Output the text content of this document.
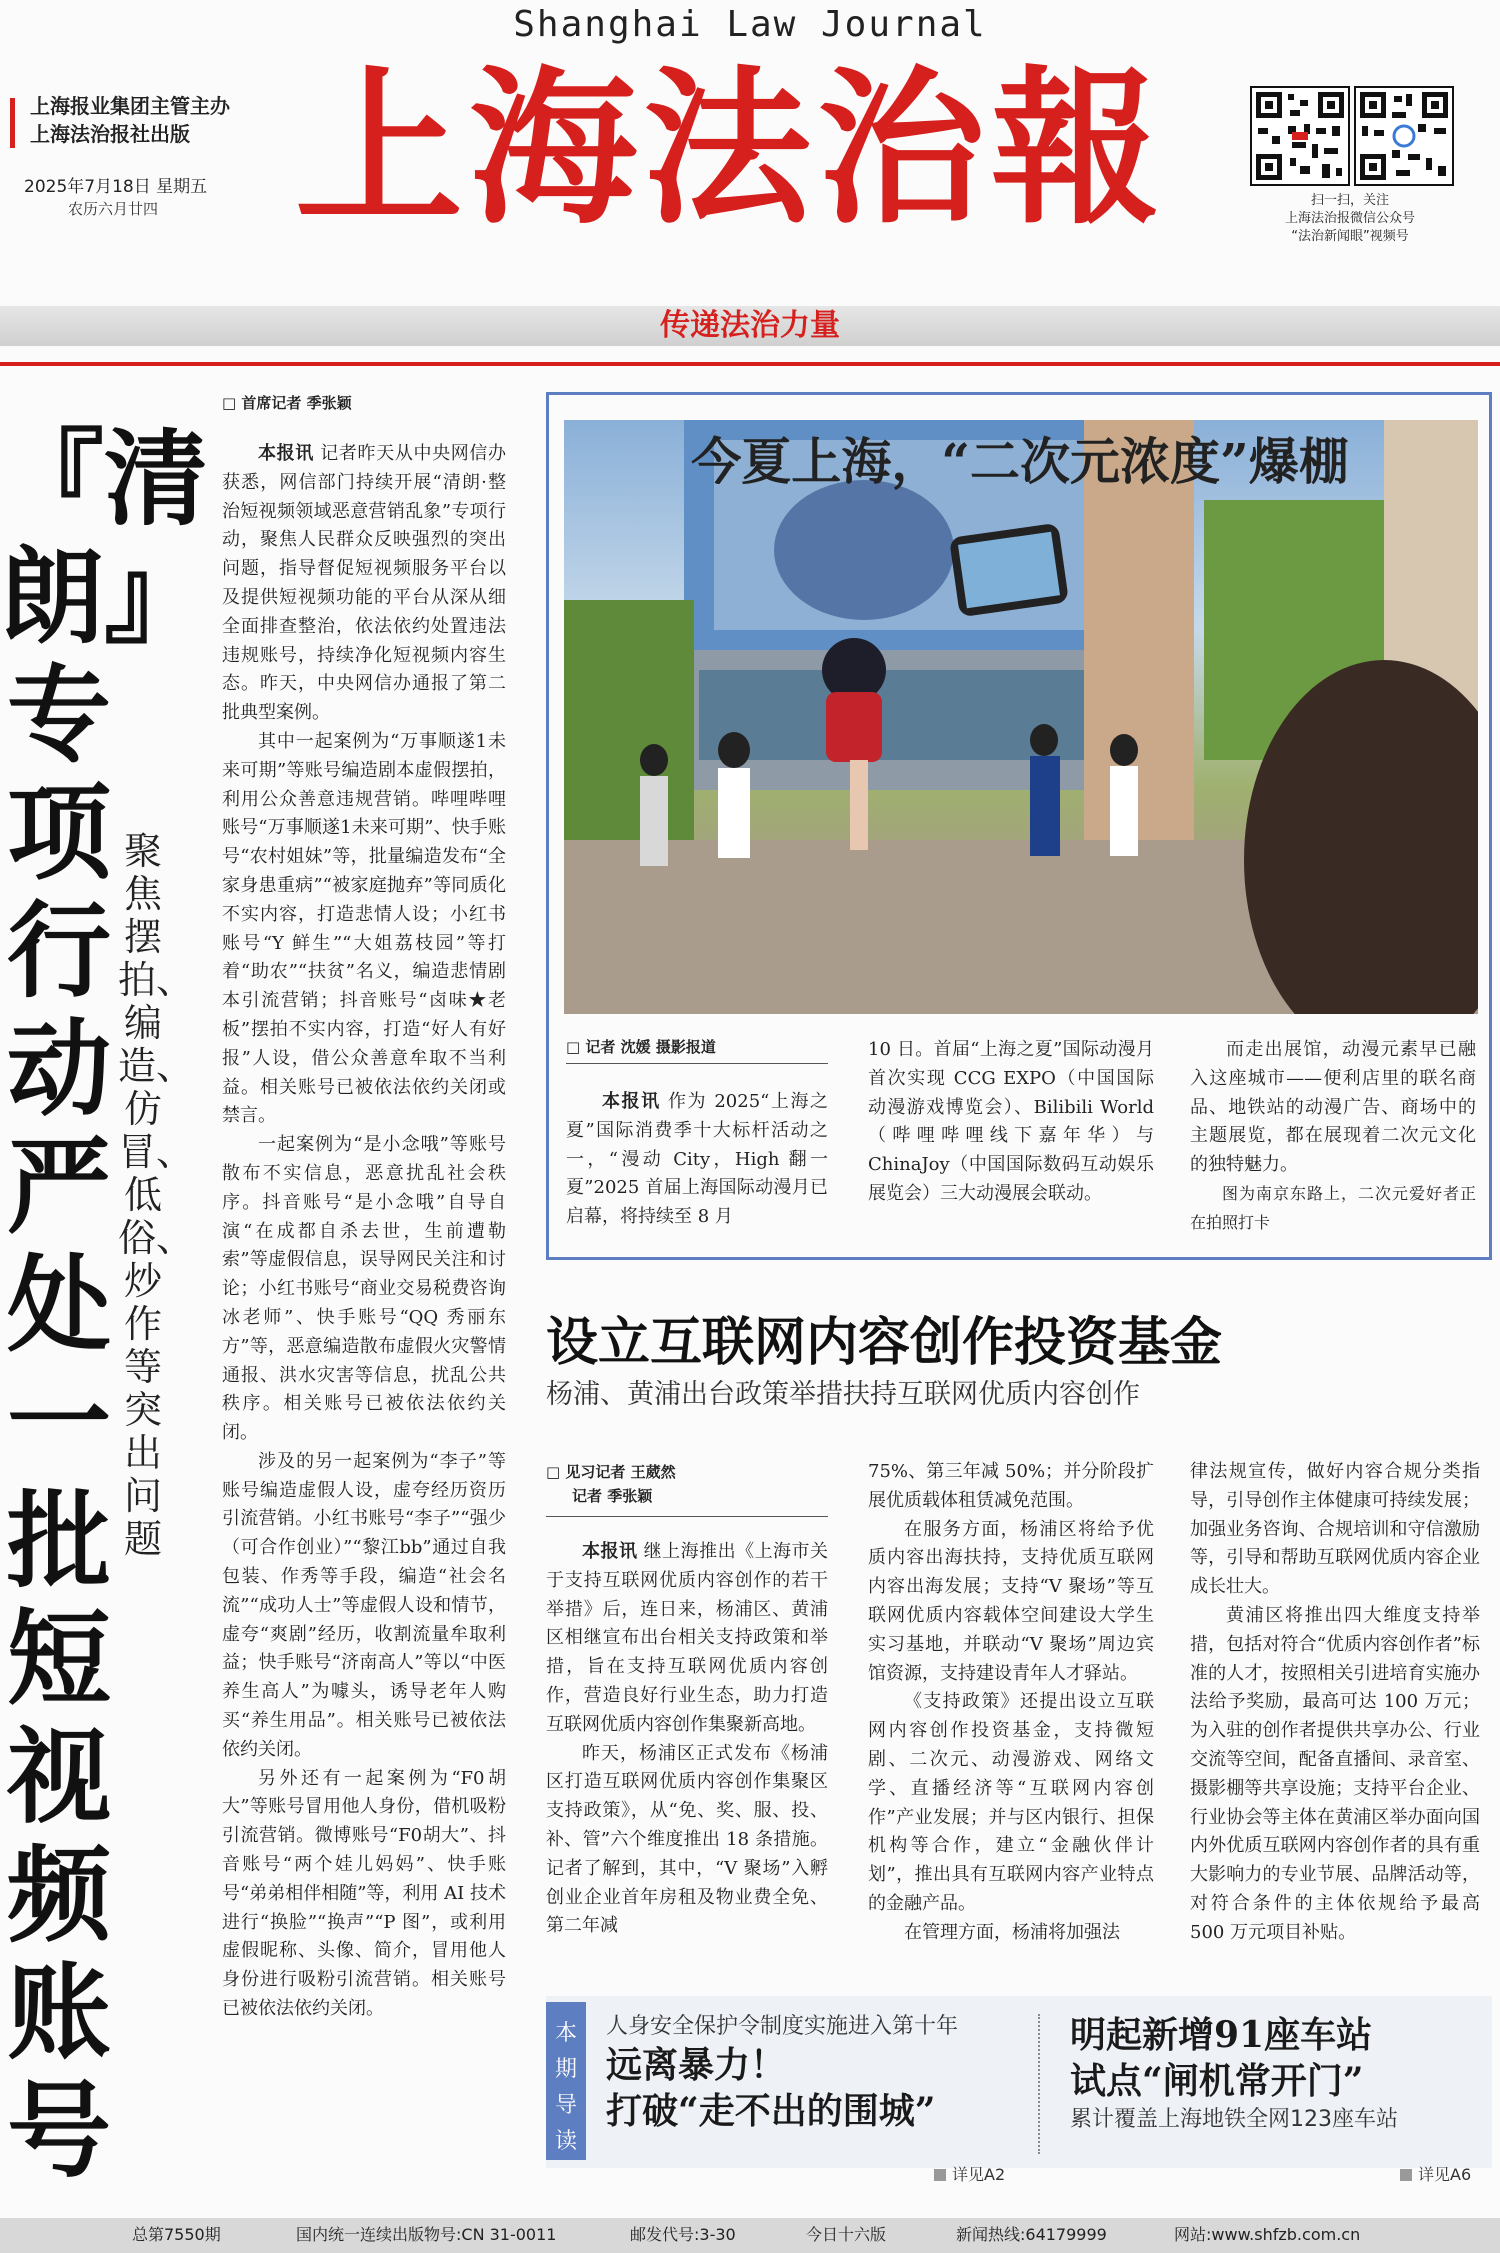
Shanghai Law Journal
上海报业集团主管主办
上海法治报社出版
2025年7月18日 星期五
农历六月廿四 上海法治報	扫一扫，关注
上海法治报微信公众号
“法治新闻眼”视频号
传递法治力量
『清朗』专项行动严处一批短视频账号
聚焦摆拍、编造、仿冒、低俗、炒作等突出问题
□ 首席记者 季张颖

本报讯 记者昨天从中央网信办获悉，网信部门持续开展“清朗·整治短视频领域恶意营销乱象”专项行动，聚焦人民群众反映强烈的突出问题，指导督促短视频服务平台以及提供短视频功能的平台从深从细全面排查整治，依法依约处置违法违规账号，持续净化短视频内容生态。昨天，中央网信办通报了第二批典型案例。

其中一起案例为“万事顺遂1未来可期”等账号编造剧本虚假摆拍，利用公众善意违规营销。哔哩哔哩账号“万事顺遂1未来可期”、快手账号“农村姐妹”等，批量编造发布“全家身患重病”“被家庭抛弃”等同质化不实内容，打造悲情人设；小红书账号“Y 鲜生”“大姐荔枝园”等打着“助农”“扶贫”名义，编造悲情剧本引流营销；抖音账号“卤味★老板”摆拍不实内容，打造“好人有好报”人设，借公众善意牟取不当利益。相关账号已被依法依约关闭或禁言。

一起案例为“是小念哦”等账号散布不实信息，恶意扰乱社会秩序。抖音账号“是小念哦”自导自演“在成都自杀去世，生前遭勒索”等虚假信息，误导网民关注和讨论；小红书账号“商业交易税费咨询冰老师”、快手账号“QQ 秀丽东方”等，恶意编造散布虚假火灾警情通报、洪水灾害等信息，扰乱公共秩序。相关账号已被依法依约关闭。

涉及的另一起案例为“李子”等账号编造虚假人设，虚夸经历资历引流营销。小红书账号“李子”“强少（可合作创业）”“黎江bb”通过自我包装、作秀等手段，编造“社会名流”“成功人士”等虚假人设和情节，虚夸“爽剧”经历，收割流量牟取利益；快手账号“济南高人”等以“中医养生高人”为噱头，诱导老年人购买“养生用品”。相关账号已被依法依约关闭。

另外还有一起案例为“F0胡大”等账号冒用他人身份，借机吸粉引流营销。微博账号“F0胡大”、抖音账号“两个娃儿妈妈”、快手账号“弟弟相伴相随”等，利用 AI 技术进行“换脸”“换声”“P 图”，或利用虚假昵称、头像、简介，冒用他人身份进行吸粉引流营销。相关账号已被依法依约关闭。

今夏上海，“二次元浓度”爆棚
□ 记者 沈媛 摄影报道

本报讯 作为 2025“上海之夏”国际消费季十大标杆活动之一，“漫动 City，High 翻一夏”2025 首届上海国际动漫月已启幕，将持续至 8 月

10 日。首届“上海之夏”国际动漫月首次实现 CCG EXPO（中国国际动漫游戏博览会）、Bilibili World（哔哩哔哩线下嘉年华）与 ChinaJoy（中国国际数码互动娱乐展览会）三大动漫展会联动。

而走出展馆，动漫元素早已融入这座城市——便利店里的联名商品、地铁站的动漫广告、商场中的主题展览，都在展现着二次元文化的独特魅力。

图为南京东路上，二次元爱好者正在拍照打卡

设立互联网内容创作投资基金
杨浦、黄浦出台政策举措扶持互联网优质内容创作
□ 见习记者 王葳然
记者 季张颖

本报讯 继上海推出《上海市关于支持互联网优质内容创作的若干举措》后，连日来，杨浦区、黄浦区相继宣布出台相关支持政策和举措，旨在支持互联网优质内容创作，营造良好行业生态，助力打造互联网优质内容创作集聚新高地。

昨天，杨浦区正式发布《杨浦区打造互联网优质内容创作集聚区支持政策》，从“免、奖、服、投、补、管”六个维度推出 18 条措施。记者了解到，其中，“V 聚场”入孵创业企业首年房租及物业费全免、第二年减

75%、第三年减 50%；并分阶段扩展优质载体租赁减免范围。

在服务方面，杨浦区将给予优质内容出海扶持，支持优质互联网内容出海发展；支持“V 聚场”等互联网优质内容载体空间建设大学生实习基地，并联动“V 聚场”周边宾馆资源，支持建设青年人才驿站。

《支持政策》还提出设立互联网内容创作投资基金，支持微短剧、二次元、动漫游戏、网络文学、直播经济等“互联网内容创作”产业发展；并与区内银行、担保机构等合作，建立“金融伙伴计划”，推出具有互联网内容产业特点的金融产品。

在管理方面，杨浦将加强法

律法规宣传，做好内容合规分类指导，引导创作主体健康可持续发展；加强业务咨询、合规培训和守信激励等，引导和帮助互联网优质内容企业成长壮大。

黄浦区将推出四大维度支持举措，包括对符合“优质内容创作者”标准的人才，按照相关引进培育实施办法给予奖励，最高可达 100 万元；为入驻的创作者提供共享办公、行业交流等空间，配备直播间、录音室、摄影棚等共享设施；支持平台企业、行业协会等主体在黄浦区举办面向国内外优质互联网内容创作者的具有重大影响力的专业节展、品牌活动等，对符合条件的主体依规给予最高 500 万元项目补贴。

本期导读
人身安全保护令制度实施进入第十年
远离暴力！
打破“走不出的围城”
详见A2
明起新增91座车站
试点“闸机常开门”
累计覆盖上海地铁全网123座车站
详见A6
总第7550期	国内统一连续出版物号:CN 31-0011	邮发代号:3-30	今日十六版	新闻热线:64179999	网站:www.shfzb.com.cn
